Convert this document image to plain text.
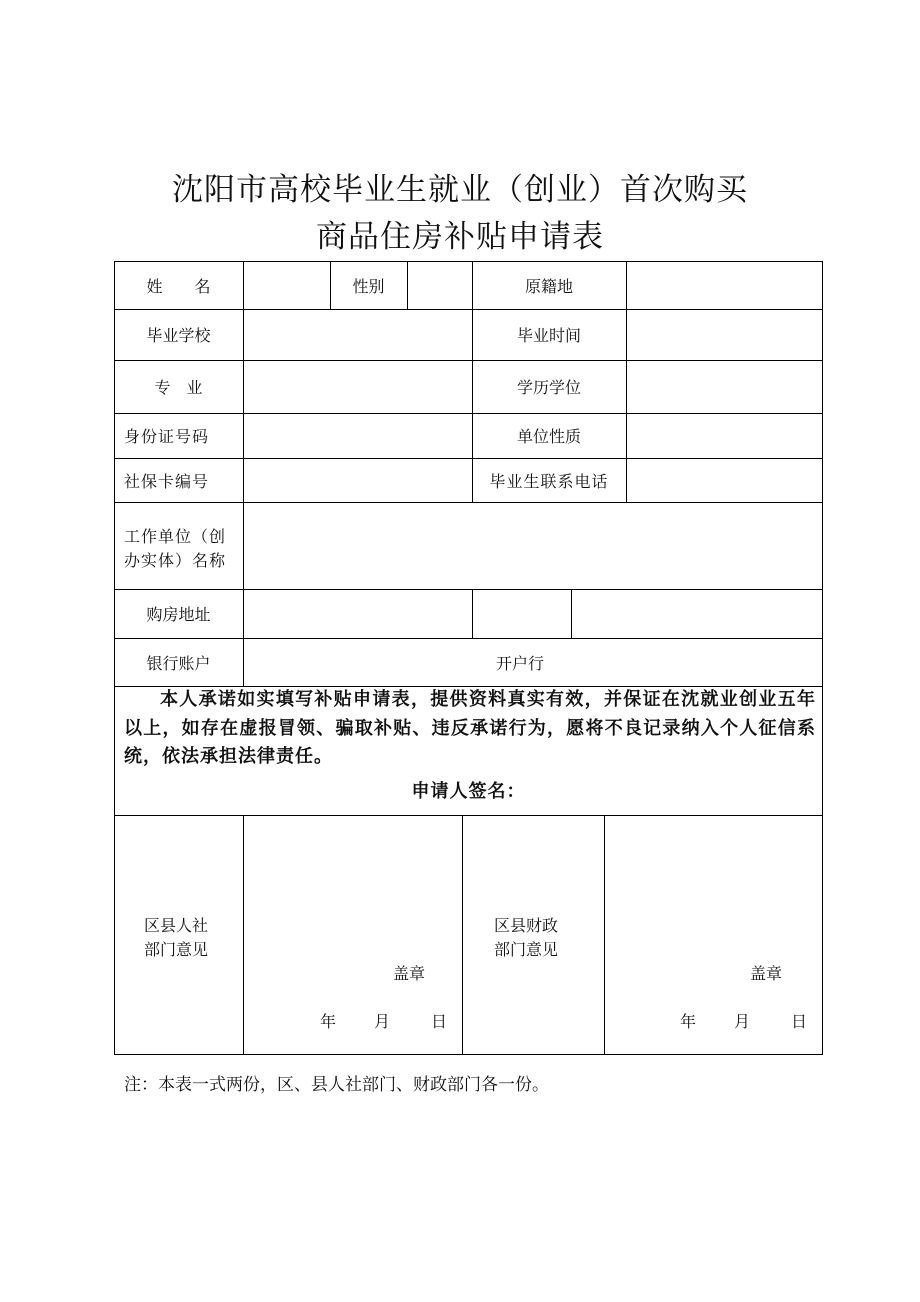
沈阳市高校毕业生就业（创业）首次购买
商品住房补贴申请表
姓　　名	性别	原籍地
毕业学校	毕业时间
专　业	学历学位
身份证号码	单位性质
社保卡编号	毕业生联系电话
工作单位（创
办实体）名称
购房地址
银行账户	开户行
本人承诺如实填写补贴申请表，提供资料真实有效，并保证在沈就业创业五年以上，如存在虚报冒领、骗取补贴、违反承诺行为，愿将不良记录纳入个人征信系统，依法承担法律责任。
申请人签名：
区县人社
部门意见
盖章
年 月	日
区县财政
部门意见
盖章
年 月	日
注：本表一式两份，区、县人社部门、财政部门各一份。
